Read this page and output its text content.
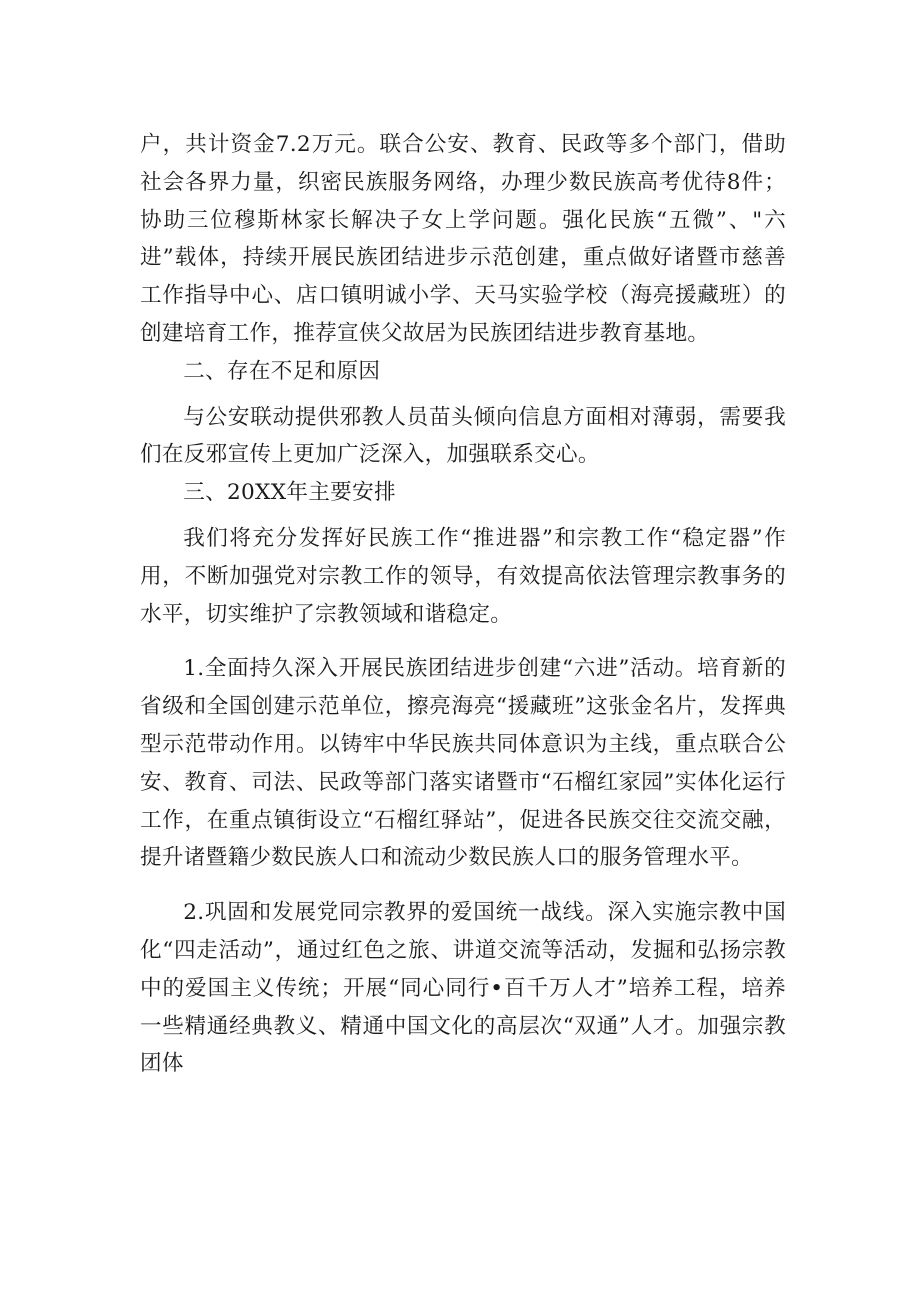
户，共计资金7.2万元。联合公安、教育、民政等多个部门，借助社会各界力量，织密民族服务网络，办理少数民族高考优待8件；协助三位穆斯林家长解决子女上学问题。强化民族“五微”、"六进”载体，持续开展民族团结进步示范创建，重点做好诸暨市慈善工作指导中心、店口镇明诚小学、天马实验学校（海亮援藏班）的创建培育工作，推荐宣侠父故居为民族团结进步教育基地。

二、存在不足和原因

与公安联动提供邪教人员苗头倾向信息方面相对薄弱，需要我们在反邪宣传上更加广泛深入，加强联系交心。

三、20XX年主要安排

我们将充分发挥好民族工作“推进器”和宗教工作“稳定器”作用，不断加强党对宗教工作的领导，有效提高依法管理宗教事务的水平，切实维护了宗教领域和谐稳定。

1.全面持久深入开展民族团结进步创建“六进”活动。培育新的省级和全国创建示范单位，擦亮海亮“援藏班”这张金名片，发挥典型示范带动作用。以铸牢中华民族共同体意识为主线，重点联合公安、教育、司法、民政等部门落实诸暨市“石榴红家园”实体化运行工作，在重点镇街设立“石榴红驿站”，促进各民族交往交流交融，提升诸暨籍少数民族人口和流动少数民族人口的服务管理水平。

2.巩固和发展党同宗教界的爱国统一战线。深入实施宗教中国化“四走活动”，通过红色之旅、讲道交流等活动，发掘和弘扬宗教中的爱国主义传统；开展“同心同行•百千万人才”培养工程，培养一些精通经典教义、精通中国文化的高层次“双通”人才。加强宗教团体
